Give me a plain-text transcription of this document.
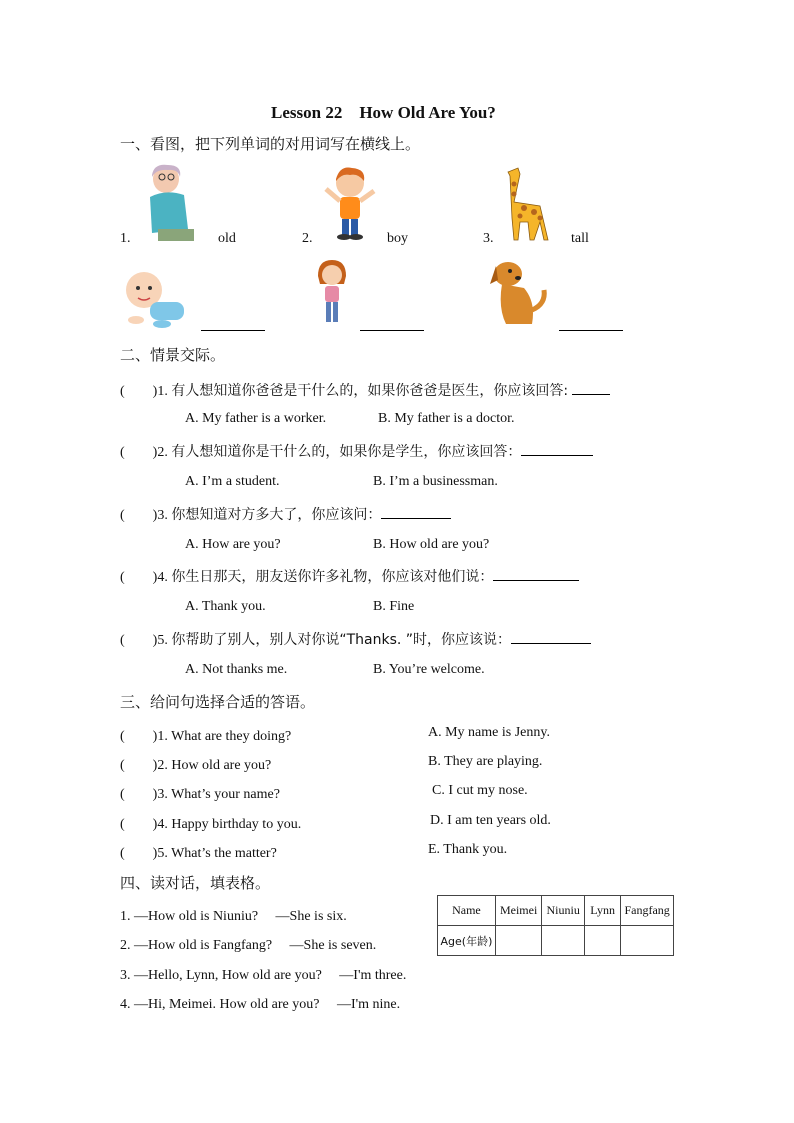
Lesson 22　How Old Are You?
一、看图，把下列单词的对用词写在横线上。
1.	old	2.	boy	3.	tall
二、情景交际。
(　　)1. 有人想知道你爸爸是干什么的，如果你爸爸是医生，你应该回答:
A. My father is a worker.	B. My father is a doctor.
(　　)2. 有人想知道你是干什么的，如果你是学生，你应该回答：
A. I’m a student.	B. I’m a businessman.
(　　)3. 你想知道对方多大了，你应该问：
A. How are you?	B. How old are you?
(　　)4. 你生日那天，朋友送你许多礼物，你应该对他们说：
A. Thank you.	B. Fine
(　　)5. 你帮助了别人，别人对你说“Thanks. ”时，你应该说：
A. Not thanks me.	B. You’re welcome.
三、给问句选择合适的答语。
(　　)1. What are they doing?
(　　)2. How old are you?
(　　)3. What’s your name?
(　　)4. Happy birthday to you.
(　　)5. What’s the matter?
A. My name is Jenny.
B. They are playing.
C. I cut my nose.
D. I am ten years old.
E. Thank you.
四、读对话，填表格。
1. —How old is Niuniu?　 —She is six.
2. —How old is Fangfang?　 —She is seven.
3. —Hello, Lynn, How old are you?　 —I'm three.
4. —Hi, Meimei. How old are you?　 —I'm nine.
Name	Meimei	Niuniu	Lynn	Fangfang
Age(年龄)				
